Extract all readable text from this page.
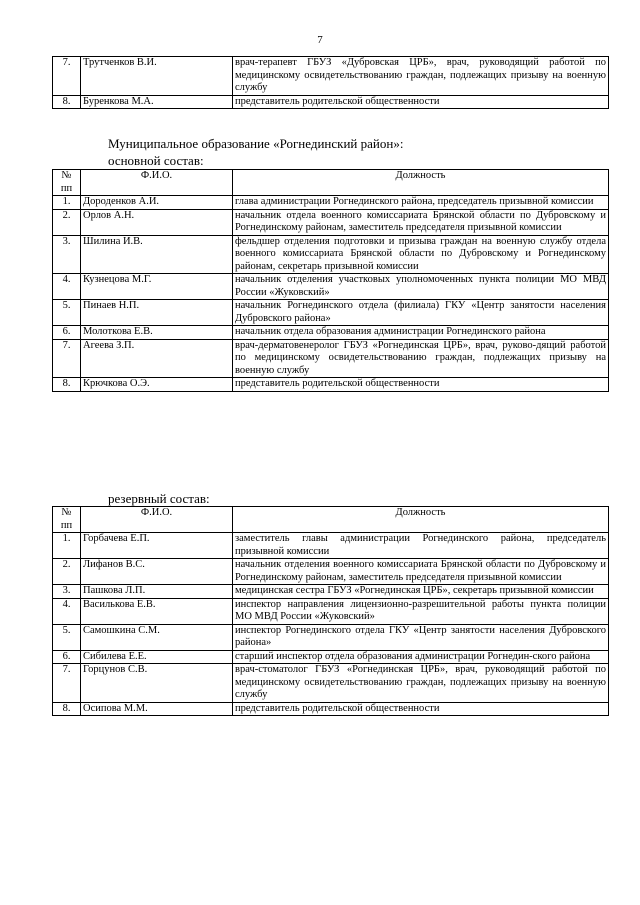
7
7.	Трутченков В.И.	врач-терапевт ГБУЗ «Дубровская ЦРБ», врач, руководящий работой по медицинскому освидетельствованию граждан, подлежащих призыву на военную службу
8.	Буренкова М.А.	представитель родительской общественности
Муниципальное образование «Рогнединский район»:
основной состав:
№ пп	Ф.И.О.	Должность
1.	Дороденков А.И.	глава администрации Рогнединского района, председатель призывной комиссии
2.	Орлов А.Н.	начальник отдела военного комиссариата Брянской области по Дубровскому и Рогнединскому районам, заместитель председателя призывной комиссии
3.	Шилина И.В.	фельдшер отделения подготовки и призыва граждан на военную службу отдела военного комиссариата Брянской области по Дубровскому и Рогнединскому районам, секретарь призывной комиссии
4.	Кузнецова М.Г.	начальник отделения участковых уполномоченных пункта полиции МО МВД России «Жуковский»
5.	Пинаев Н.П.	начальник Рогнединского отдела (филиала) ГКУ «Центр занятости населения Дубровского района»
6.	Молоткова Е.В.	начальник отдела образования администрации Рогнединского района
7.	Агеева З.П.	врач-дерматовенеролог ГБУЗ «Рогнединская ЦРБ», врач, руково-дящий работой по медицинскому освидетельствованию граждан, подлежащих призыву на военную службу
8.	Крючкова О.Э.	представитель родительской общественности
резервный состав:
№ пп	Ф.И.О.	Должность
1.	Горбачева Е.П.	заместитель главы администрации Рогнединского района, председатель призывной комиссии
2.	Лифанов В.С.	начальник отделения военного комиссариата Брянской области по Дубровскому и Рогнединскому районам, заместитель председателя призывной комиссии
3.	Пашкова Л.П.	медицинская сестра ГБУЗ «Рогнединская ЦРБ», секретарь призывной комиссии
4.	Василькова Е.В.	инспектор направления лицензионно-разрешительной работы пункта полиции МО МВД России «Жуковский»
5.	Самошкина С.М.	инспектор Рогнединского отдела ГКУ «Центр занятости населения Дубровского района»
6.	Сибилева Е.Е.	старший инспектор отдела образования администрации Рогнедин-ского района
7.	Горцунов С.В.	врач-стоматолог ГБУЗ «Рогнединская ЦРБ», врач, руководящий работой по медицинскому освидетельствованию граждан, подлежащих призыву на военную службу
8.	Осипова М.М.	представитель родительской общественности
